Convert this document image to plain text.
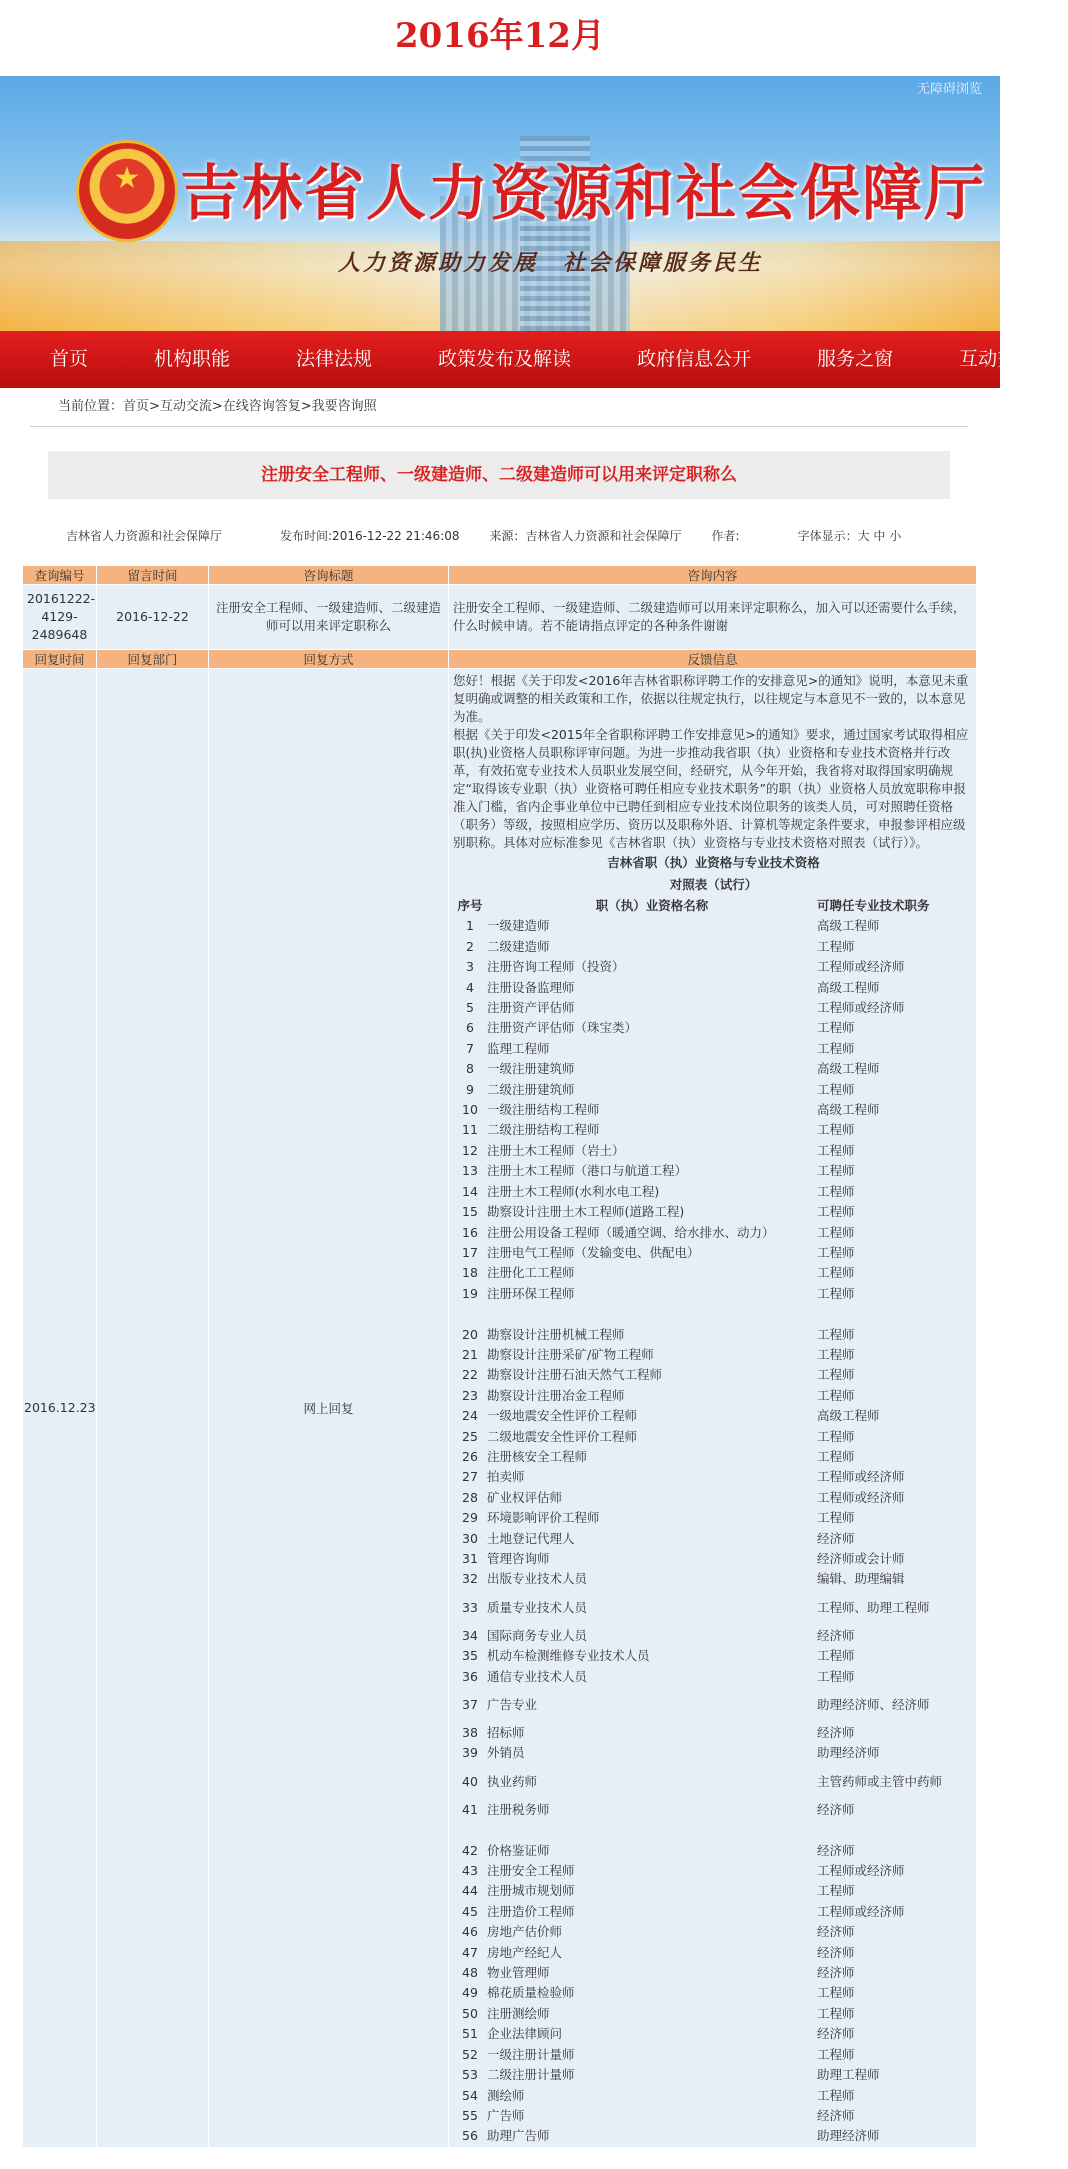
2016年12月
无障碍浏览
★ 吉林省人力资源和社会保障厅
人力资源助力发展　社会保障服务民生
首页	机构职能	法律法规	政策发布及解读	政府信息公开	服务之窗	互动交流
当前位置：首页>互动交流>在线咨询答复>我要咨询照
注册安全工程师、一级建造师、二级建造师可以用来评定职称么
吉林省人力资源和社会保障厅	发布时间:2016-12-22 21:46:08	来源：吉林省人力资源和社会保障厅	作者:	字体显示：大 中 小
查询编号	留言时间	咨询标题	咨询内容
20161222-4129-2489648	2016-12-22	注册安全工程师、一级建造师、二级建造师可以用来评定职称么	注册安全工程师、一级建造师、二级建造师可以用来评定职称么，加入可以还需要什么手续，什么时候申请。若不能请指点评定的各种条件谢谢
回复时间	回复部门	回复方式	反馈信息
2016.12.23		网上回复	

您好！根据《关于印发<2016年吉林省职称评聘工作的安排意见>的通知》说明，本意见未重复明确或调整的相关政策和工作，依据以往规定执行，以往规定与本意见不一致的，以本意见为准。

根据《关于印发<2015年全省职称评聘工作安排意见>的通知》要求，通过国家考试取得相应职(执)业资格人员职称评审问题。为进一步推动我省职（执）业资格和专业技术资格并行改革，有效拓宽专业技术人员职业发展空间，经研究，从今年开始，我省将对取得国家明确规定“取得该专业职（执）业资格可聘任相应专业技术职务”的职（执）业资格人员放宽职称申报准入门槛，省内企事业单位中已聘任到相应专业技术岗位职务的该类人员，可对照聘任资格（职务）等级，按照相应学历、资历以及职称外语、计算机等规定条件要求，申报参评相应级别职称。具体对应标准参见《吉林省职（执）业资格与专业技术资格对照表（试行）》。

吉林省职（执）业资格与专业技术资格
对照表（试行）
序号	职（执）业资格名称	可聘任专业技术职务
1	一级建造师	高级工程师
2	二级建造师	工程师
3	注册咨询工程师（投资）	工程师或经济师
4	注册设备监理师	高级工程师
5	注册资产评估师	工程师或经济师
6	注册资产评估师（珠宝类）	工程师
7	监理工程师	工程师
8	一级注册建筑师	高级工程师
9	二级注册建筑师	工程师
10	一级注册结构工程师	高级工程师
11	二级注册结构工程师	工程师
12	注册土木工程师（岩土）	工程师
13	注册土木工程师（港口与航道工程）	工程师
14	注册土木工程师(水利水电工程)	工程师
15	勘察设计注册土木工程师(道路工程)	工程师
16	注册公用设备工程师（暖通空调、给水排水、动力）	工程师
17	注册电气工程师（发输变电、供配电）	工程师
18	注册化工工程师	工程师
19	注册环保工程师	工程师

20	勘察设计注册机械工程师	工程师
21	勘察设计注册采矿/矿物工程师	工程师
22	勘察设计注册石油天然气工程师	工程师
23	勘察设计注册冶金工程师	工程师
24	一级地震安全性评价工程师	高级工程师
25	二级地震安全性评价工程师	工程师
26	注册核安全工程师	工程师
27	拍卖师	工程师或经济师
28	矿业权评估师	工程师或经济师
29	环境影响评价工程师	工程师
30	土地登记代理人	经济师
31	管理咨询师	经济师或会计师
32	出版专业技术人员	编辑、助理编辑
33	质量专业技术人员	工程师、助理工程师
34	国际商务专业人员	经济师
35	机动车检测维修专业技术人员	工程师
36	通信专业技术人员	工程师
37	广告专业	助理经济师、经济师
38	招标师	经济师
39	外销员	助理经济师
40	执业药师	主管药师或主管中药师
41	注册税务师	经济师

42	价格鉴证师	经济师
43	注册安全工程师	工程师或经济师
44	注册城市规划师	工程师
45	注册造价工程师	工程师或经济师
46	房地产估价师	经济师
47	房地产经纪人	经济师
48	物业管理师	经济师
49	棉花质量检验师	工程师
50	注册测绘师	工程师
51	企业法律顾问	经济师
52	一级注册计量师	工程师
53	二级注册计量师	助理工程师
54	测绘师	工程师
55	广告师	经济师
56	助理广告师	助理经济师
